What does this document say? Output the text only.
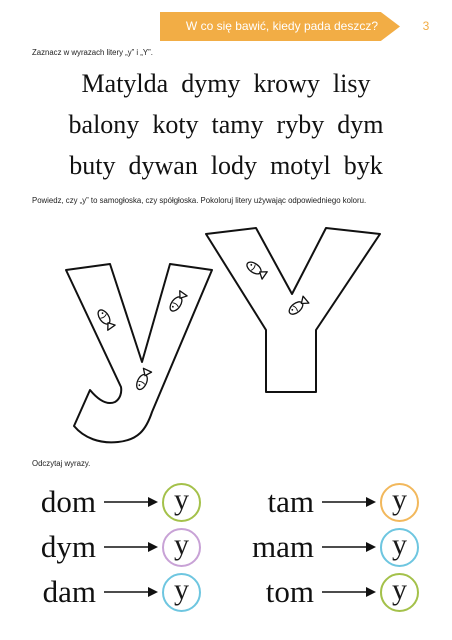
W co się bawić, kiedy pada deszcz?	3
Zaznacz w wyrazach litery „y” i „Y”.
Matylda dymy krowy lisy
balony koty tamy ryby dym
buty dywan lody motyl byk
Powiedz, czy „y” to samogłoska, czy spółgłoska. Pokoloruj litery używając odpowiedniego koloru.
Odczytaj wyrazy.
dom	y
dym	y
dam	y
tam	y
mam	y
tom	y
